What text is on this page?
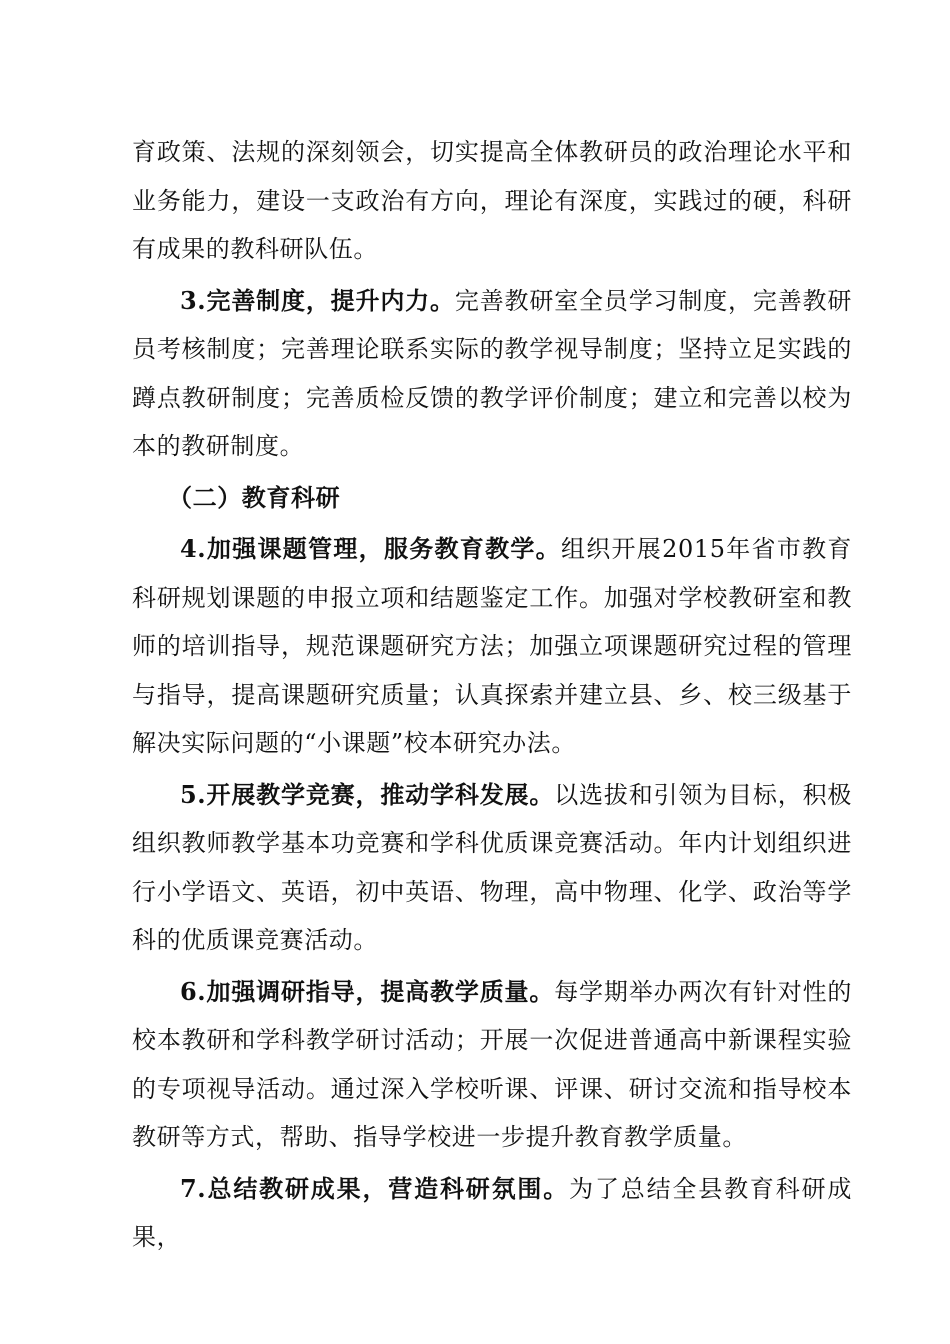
育政策、法规的深刻领会，切实提高全体教研员的政治理论水平和业务能力，建设一支政治有方向，理论有深度，实践过的硬，科研有成果的教科研队伍。

3.完善制度，提升内力。完善教研室全员学习制度，完善教研员考核制度；完善理论联系实际的教学视导制度；坚持立足实践的蹲点教研制度；完善质检反馈的教学评价制度；建立和完善以校为本的教研制度。

（二）教育科研

4.加强课题管理，服务教育教学。组织开展2015年省市教育科研规划课题的申报立项和结题鉴定工作。加强对学校教研室和教师的培训指导，规范课题研究方法；加强立项课题研究过程的管理与指导，提高课题研究质量；认真探索并建立县、乡、校三级基于解决实际问题的“小课题”校本研究办法。

5.开展教学竞赛，推动学科发展。以选拔和引领为目标，积极组织教师教学基本功竞赛和学科优质课竞赛活动。年内计划组织进行小学语文、英语，初中英语、物理，高中物理、化学、政治等学科的优质课竞赛活动。

6.加强调研指导，提高教学质量。每学期举办两次有针对性的校本教研和学科教学研讨活动；开展一次促进普通高中新课程实验的专项视导活动。通过深入学校听课、评课、研讨交流和指导校本教研等方式，帮助、指导学校进一步提升教育教学质量。

7.总结教研成果，营造科研氛围。为了总结全县教育科研成果，
